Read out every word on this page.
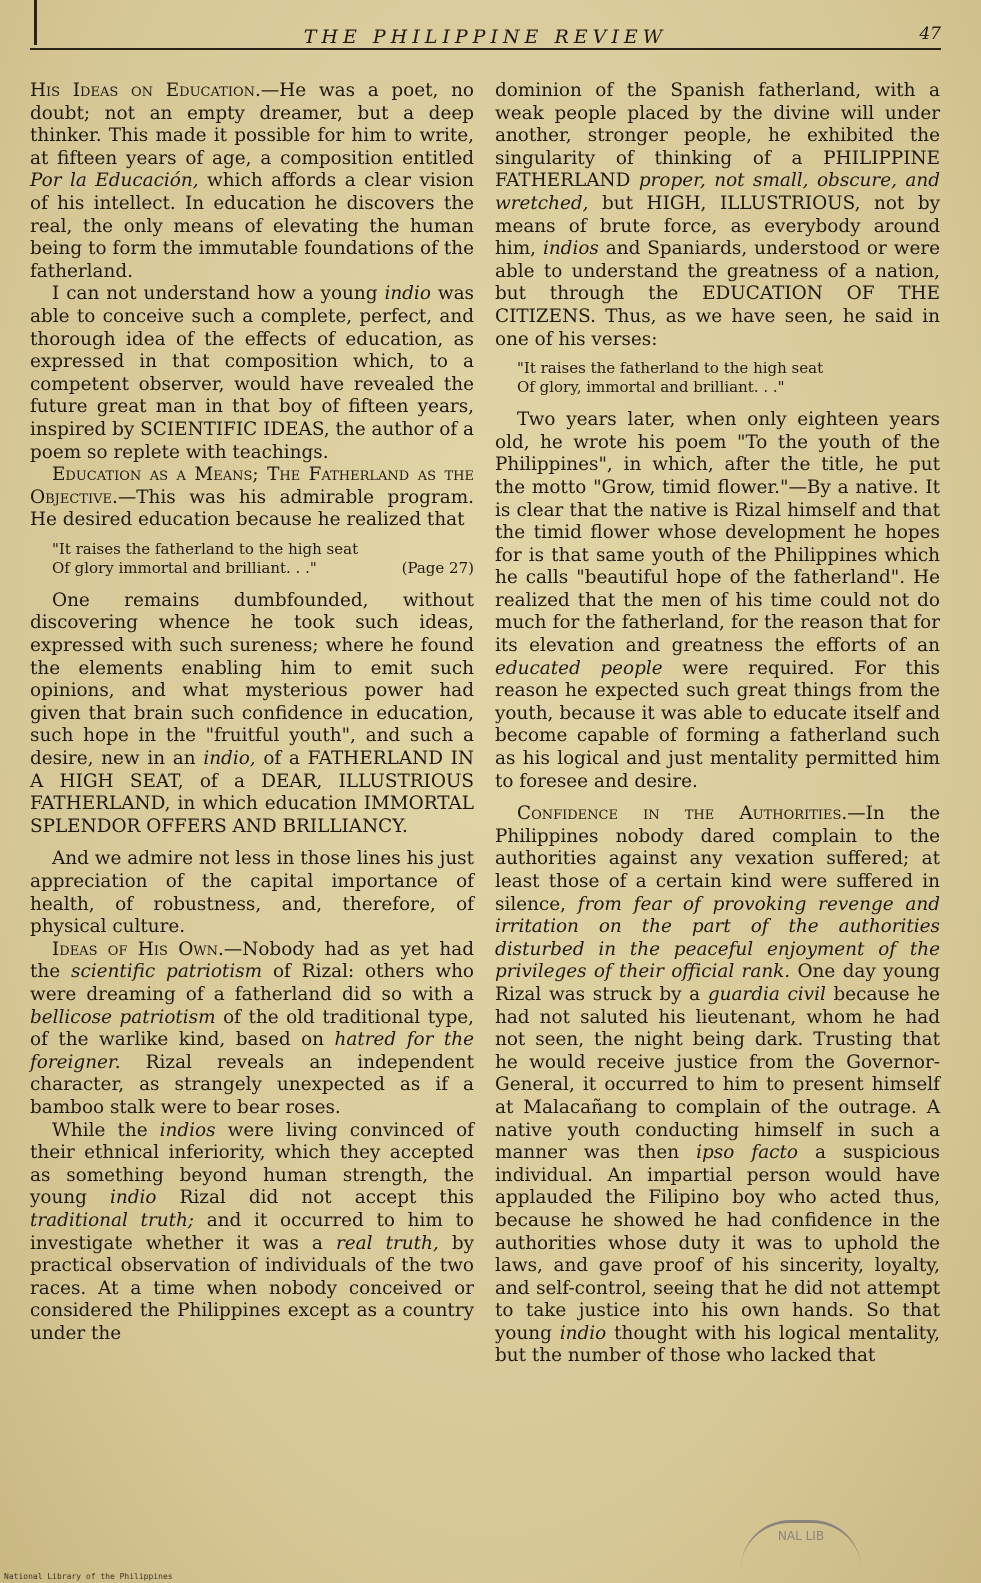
THE PHILIPPINE REVIEW	47

His Ideas on Education.—He was a poet, no doubt; not an empty dreamer, but a deep thinker. This made it possible for him to write, at fifteen years of age, a composition entitled Por la Educación, which affords a clear vision of his intellect. In education he discovers the real, the only means of elevating the human being to form the immutable foundations of the fatherland.

I can not understand how a young indio was able to conceive such a complete, perfect, and thorough idea of the effects of education, as expressed in that composition which, to a competent observer, would have revealed the future great man in that boy of fifteen years, inspired by SCIENTIFIC IDEAS, the author of a poem so replete with teachings.

Education as a Means; The Fatherland as the Objective.—This was his admirable program. He desired education because he realized that

"It raises the fatherland to the high seat
Of glory immortal and brilliant. . ."	(Page 27)

One remains dumbfounded, without discovering whence he took such ideas, expressed with such sureness; where he found the elements enabling him to emit such opinions, and what mysterious power had given that brain such confidence in education, such hope in the "fruitful youth", and such a desire, new in an indio, of a FATHERLAND IN A HIGH SEAT, of a DEAR, ILLUSTRIOUS FATHERLAND, in which education IMMORTAL SPLENDOR OFFERS AND BRILLIANCY.

And we admire not less in those lines his just appreciation of the capital importance of health, of robustness, and, therefore, of physical culture.

Ideas of His Own.—Nobody had as yet had the scientific patriotism of Rizal: others who were dreaming of a fatherland did so with a bellicose patriotism of the old traditional type, of the warlike kind, based on hatred for the foreigner. Rizal reveals an independent character, as strangely unexpected as if a bamboo stalk were to bear roses.

While the indios were living convinced of their ethnical inferiority, which they accepted as something beyond human strength, the young indio Rizal did not accept this traditional truth; and it occurred to him to investigate whether it was a real truth, by practical observation of individuals of the two races. At a time when nobody conceived or considered the Philippines except as a country under the

dominion of the Spanish fatherland, with a weak people placed by the divine will under another, stronger people, he exhibited the singularity of thinking of a PHILIPPINE FATHERLAND proper, not small, obscure, and wretched, but HIGH, ILLUSTRIOUS, not by means of brute force, as everybody around him, indios and Spaniards, understood or were able to understand the greatness of a nation, but through the EDUCATION OF THE CITIZENS. Thus, as we have seen, he said in one of his verses:

"It raises the fatherland to the high seat
Of glory, immortal and brilliant. . ."

Two years later, when only eighteen years old, he wrote his poem "To the youth of the Philippines", in which, after the title, he put the motto "Grow, timid flower."—By a native. It is clear that the native is Rizal himself and that the timid flower whose development he hopes for is that same youth of the Philippines which he calls "beautiful hope of the fatherland". He realized that the men of his time could not do much for the fatherland, for the reason that for its elevation and greatness the efforts of an educated people were required. For this reason he expected such great things from the youth, because it was able to educate itself and become capable of forming a fatherland such as his logical and just mentality permitted him to foresee and desire.

Confidence in the Authorities.—In the Philippines nobody dared complain to the authorities against any vexation suffered; at least those of a certain kind were suffered in silence, from fear of provoking revenge and irritation on the part of the authorities disturbed in the peaceful enjoyment of the privileges of their official rank. One day young Rizal was struck by a guardia civil because he had not saluted his lieutenant, whom he had not seen, the night being dark. Trusting that he would receive justice from the Governor-General, it occurred to him to present himself at Malacañang to complain of the outrage. A native youth conducting himself in such a manner was then ipso facto a suspicious individual. An impartial person would have applauded the Filipino boy who acted thus, because he showed he had confidence in the authorities whose duty it was to uphold the laws, and gave proof of his sincerity, loyalty, and self-control, seeing that he did not attempt to take justice into his own hands. So that young indio thought with his logical mentality, but the number of those who lacked that

NAL LIB
National Library of the Philippines
